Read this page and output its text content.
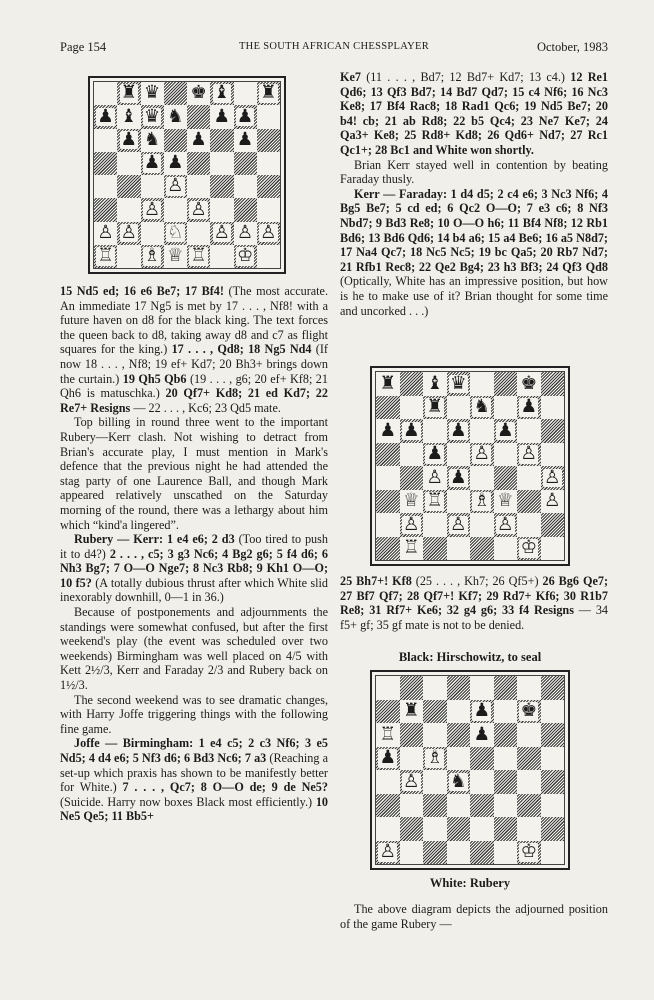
Page 154	THE SOUTH AFRICAN CHESSPLAYER	October, 1983
♜ ♛ ♚ ♝ ♜
♟ ♝ ♛ ♞ ♟ ♟
♟ ♞ ♟ ♟
♟ ♟
♙
♙ ♙
♙ ♙ ♘ ♙ ♙ ♙
♖ ♗ ♕ ♖ ♔
♜ ♝ ♛	♚
♜ ♞ ♟
♟ ♟ ♟ ♟
♟ ♙ ♙
♙ ♟	♙
♕ ♖ ♗ ♕ ♙
♙ ♙ ♙
♖	♔
Black: Hirschowitz, to seal
♜	♟ ♚
♖	♟
♟ ♗
♙ ♞
♙	♔
White: Rubery

15 Nd5 ed; 16 e6 Be7; 17 Bf4! (The most accurate. An immediate 17 Ng5 is met by 17 . . . , Nf8! with a future haven on d8 for the black king. The text forces the queen back to d8, taking away d8 and c7 as flight squares for the king.) 17 . . . , Qd8; 18 Ng5 Nd4 (If now 18 . . . , Nf8; 19 ef+ Kd7; 20 Bh3+ brings down the curtain.) 19 Qh5 Qb6 (19 . . . , g6; 20 ef+ Kf8; 21 Qh6 is matuschka.) 20 Qf7+ Kd8; 21 ed Kd7; 22 Re7+ Resigns — 22 . . . , Kc6; 23 Qd5 mate.

Top billing in round three went to the important Rubery—Kerr clash. Not wishing to detract from Brian's accurate play, I must mention in Mark's defence that the previous night he had attended the stag party of one Laurence Ball, and though Mark appeared relatively unscathed on the Saturday morning of the round, there was a lethargy about him which “kind'a lingered”.

Rubery — Kerr: 1 e4 e6; 2 d3 (Too tired to push it to d4?) 2 . . . , c5; 3 g3 Nc6; 4 Bg2 g6; 5 f4 d6; 6 Nh3 Bg7; 7 O—O Nge7; 8 Nc3 Rb8; 9 Kh1 O—O; 10 f5? (A totally dubious thrust after which White slid inexorably downhill, 0—1 in 36.)

Because of postponements and adjournments the standings were somewhat confused, but after the first weekend's play (the event was scheduled over two weekends) Birmingham was well placed on 4/5 with Kett 2½/3, Kerr and Faraday 2/3 and Rubery back on 1½/3.

The second weekend was to see dramatic changes, with Harry Joffe triggering things with the following fine game.

Joffe — Birmingham: 1 e4 c5; 2 c3 Nf6; 3 e5 Nd5; 4 d4 e6; 5 Nf3 d6; 6 Bd3 Nc6; 7 a3 (Reaching a set-up which praxis has shown to be manifestly better for White.) 7 . . . , Qc7; 8 O—O de; 9 de Ne5? (Suicide. Harry now boxes Black most efficiently.) 10 Ne5 Qe5; 11 Bb5+

Ke7 (11 . . . , Bd7; 12 Bd7+ Kd7; 13 c4.) 12 Re1 Qd6; 13 Qf3 Bd7; 14 Bd7 Qd7; 15 c4 Nf6; 16 Nc3 Ke8; 17 Bf4 Rac8; 18 Rad1 Qc6; 19 Nd5 Be7; 20 b4! cb; 21 ab Rd8; 22 b5 Qc4; 23 Ne7 Ke7; 24 Qa3+ Ke8; 25 Rd8+ Kd8; 26 Qd6+ Nd7; 27 Rc1 Qc1+; 28 Bc1 and White won shortly.

Brian Kerr stayed well in contention by beating Faraday thusly.

Kerr — Faraday: 1 d4 d5; 2 c4 e6; 3 Nc3 Nf6; 4 Bg5 Be7; 5 cd ed; 6 Qc2 O—O; 7 e3 c6; 8 Nf3 Nbd7; 9 Bd3 Re8; 10 O—O h6; 11 Bf4 Nf8; 12 Rb1 Bd6; 13 Bd6 Qd6; 14 b4 a6; 15 a4 Be6; 16 a5 N8d7; 17 Na4 Qc7; 18 Nc5 Nc5; 19 bc Qa5; 20 Rb7 Nd7; 21 Rfb1 Rec8; 22 Qe2 Bg4; 23 h3 Bf3; 24 Qf3 Qd8 (Optically, White has an impressive position, but how is he to make use of it? Brian thought for some time and uncorked . . .)

25 Bh7+! Kf8 (25 . . . , Kh7; 26 Qf5+) 26 Bg6 Qe7; 27 Bf7 Qf7; 28 Qf7+! Kf7; 29 Rd7+ Kf6; 30 R1b7 Re8; 31 Rf7+ Ke6; 32 g4 g6; 33 f4 Resigns — 34 f5+ gf; 35 gf mate is not to be denied.

The above diagram depicts the adjourned position of the game Rubery —
